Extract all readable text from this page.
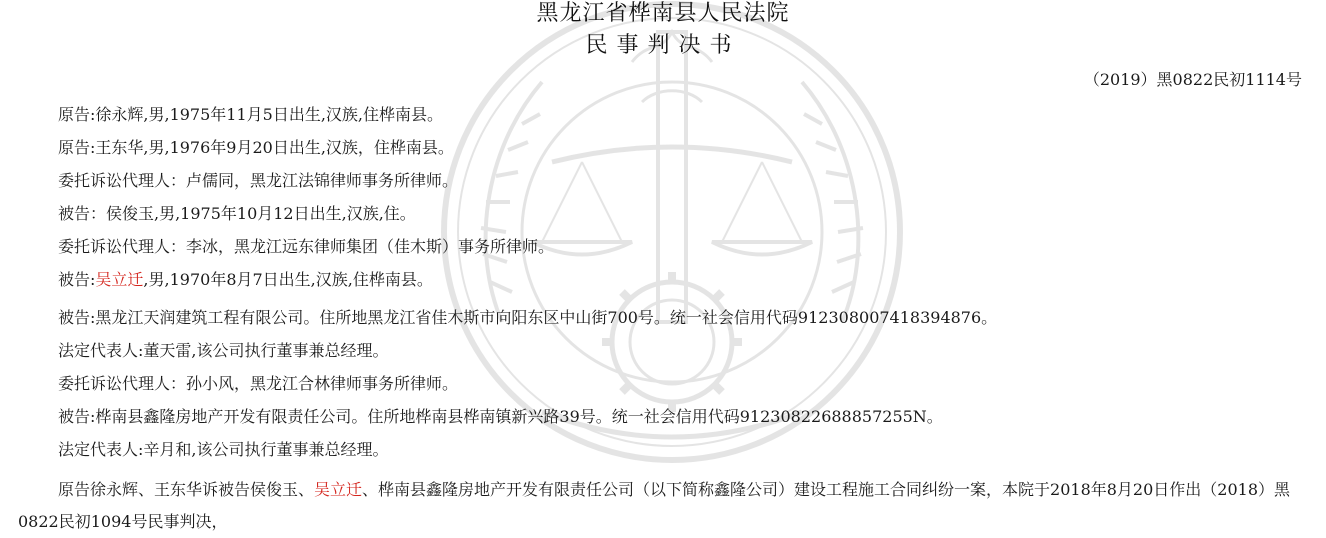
黑龙江省桦南县人民法院
民事判决书
（2019）黑0822民初1114号
原告:徐永辉,男,1975年11月5日出生,汉族,住桦南县。
原告:王东华,男,1976年9月20日出生,汉族，住桦南县。
委托诉讼代理人：卢儒同，黑龙江法锦律师事务所律师。
被告：侯俊玉,男,1975年10月12日出生,汉族,住。
委托诉讼代理人：李冰，黑龙江远东律师集团（佳木斯）事务所律师。
被告:吴立迁,男,1970年8月7日出生,汉族,住桦南县。
被告:黑龙江天润建筑工程有限公司。住所地黑龙江省佳木斯市向阳东区中山街700号。统一社会信用代码912308007418394876。
法定代表人:董天雷,该公司执行董事兼总经理。
委托诉讼代理人：孙小风，黑龙江合林律师事务所律师。
被告:桦南县鑫隆房地产开发有限责任公司。住所地桦南县桦南镇新兴路39号。统一社会信用代码91230822688857255N。
法定代表人:辛月和,该公司执行董事兼总经理。
原告徐永辉、王东华诉被告侯俊玉、吴立迁、桦南县鑫隆房地产开发有限责任公司（以下简称鑫隆公司）建设工程施工合同纠纷一案，本院于2018年8月20日作出（2018）黑0822民初1094号民事判决，
